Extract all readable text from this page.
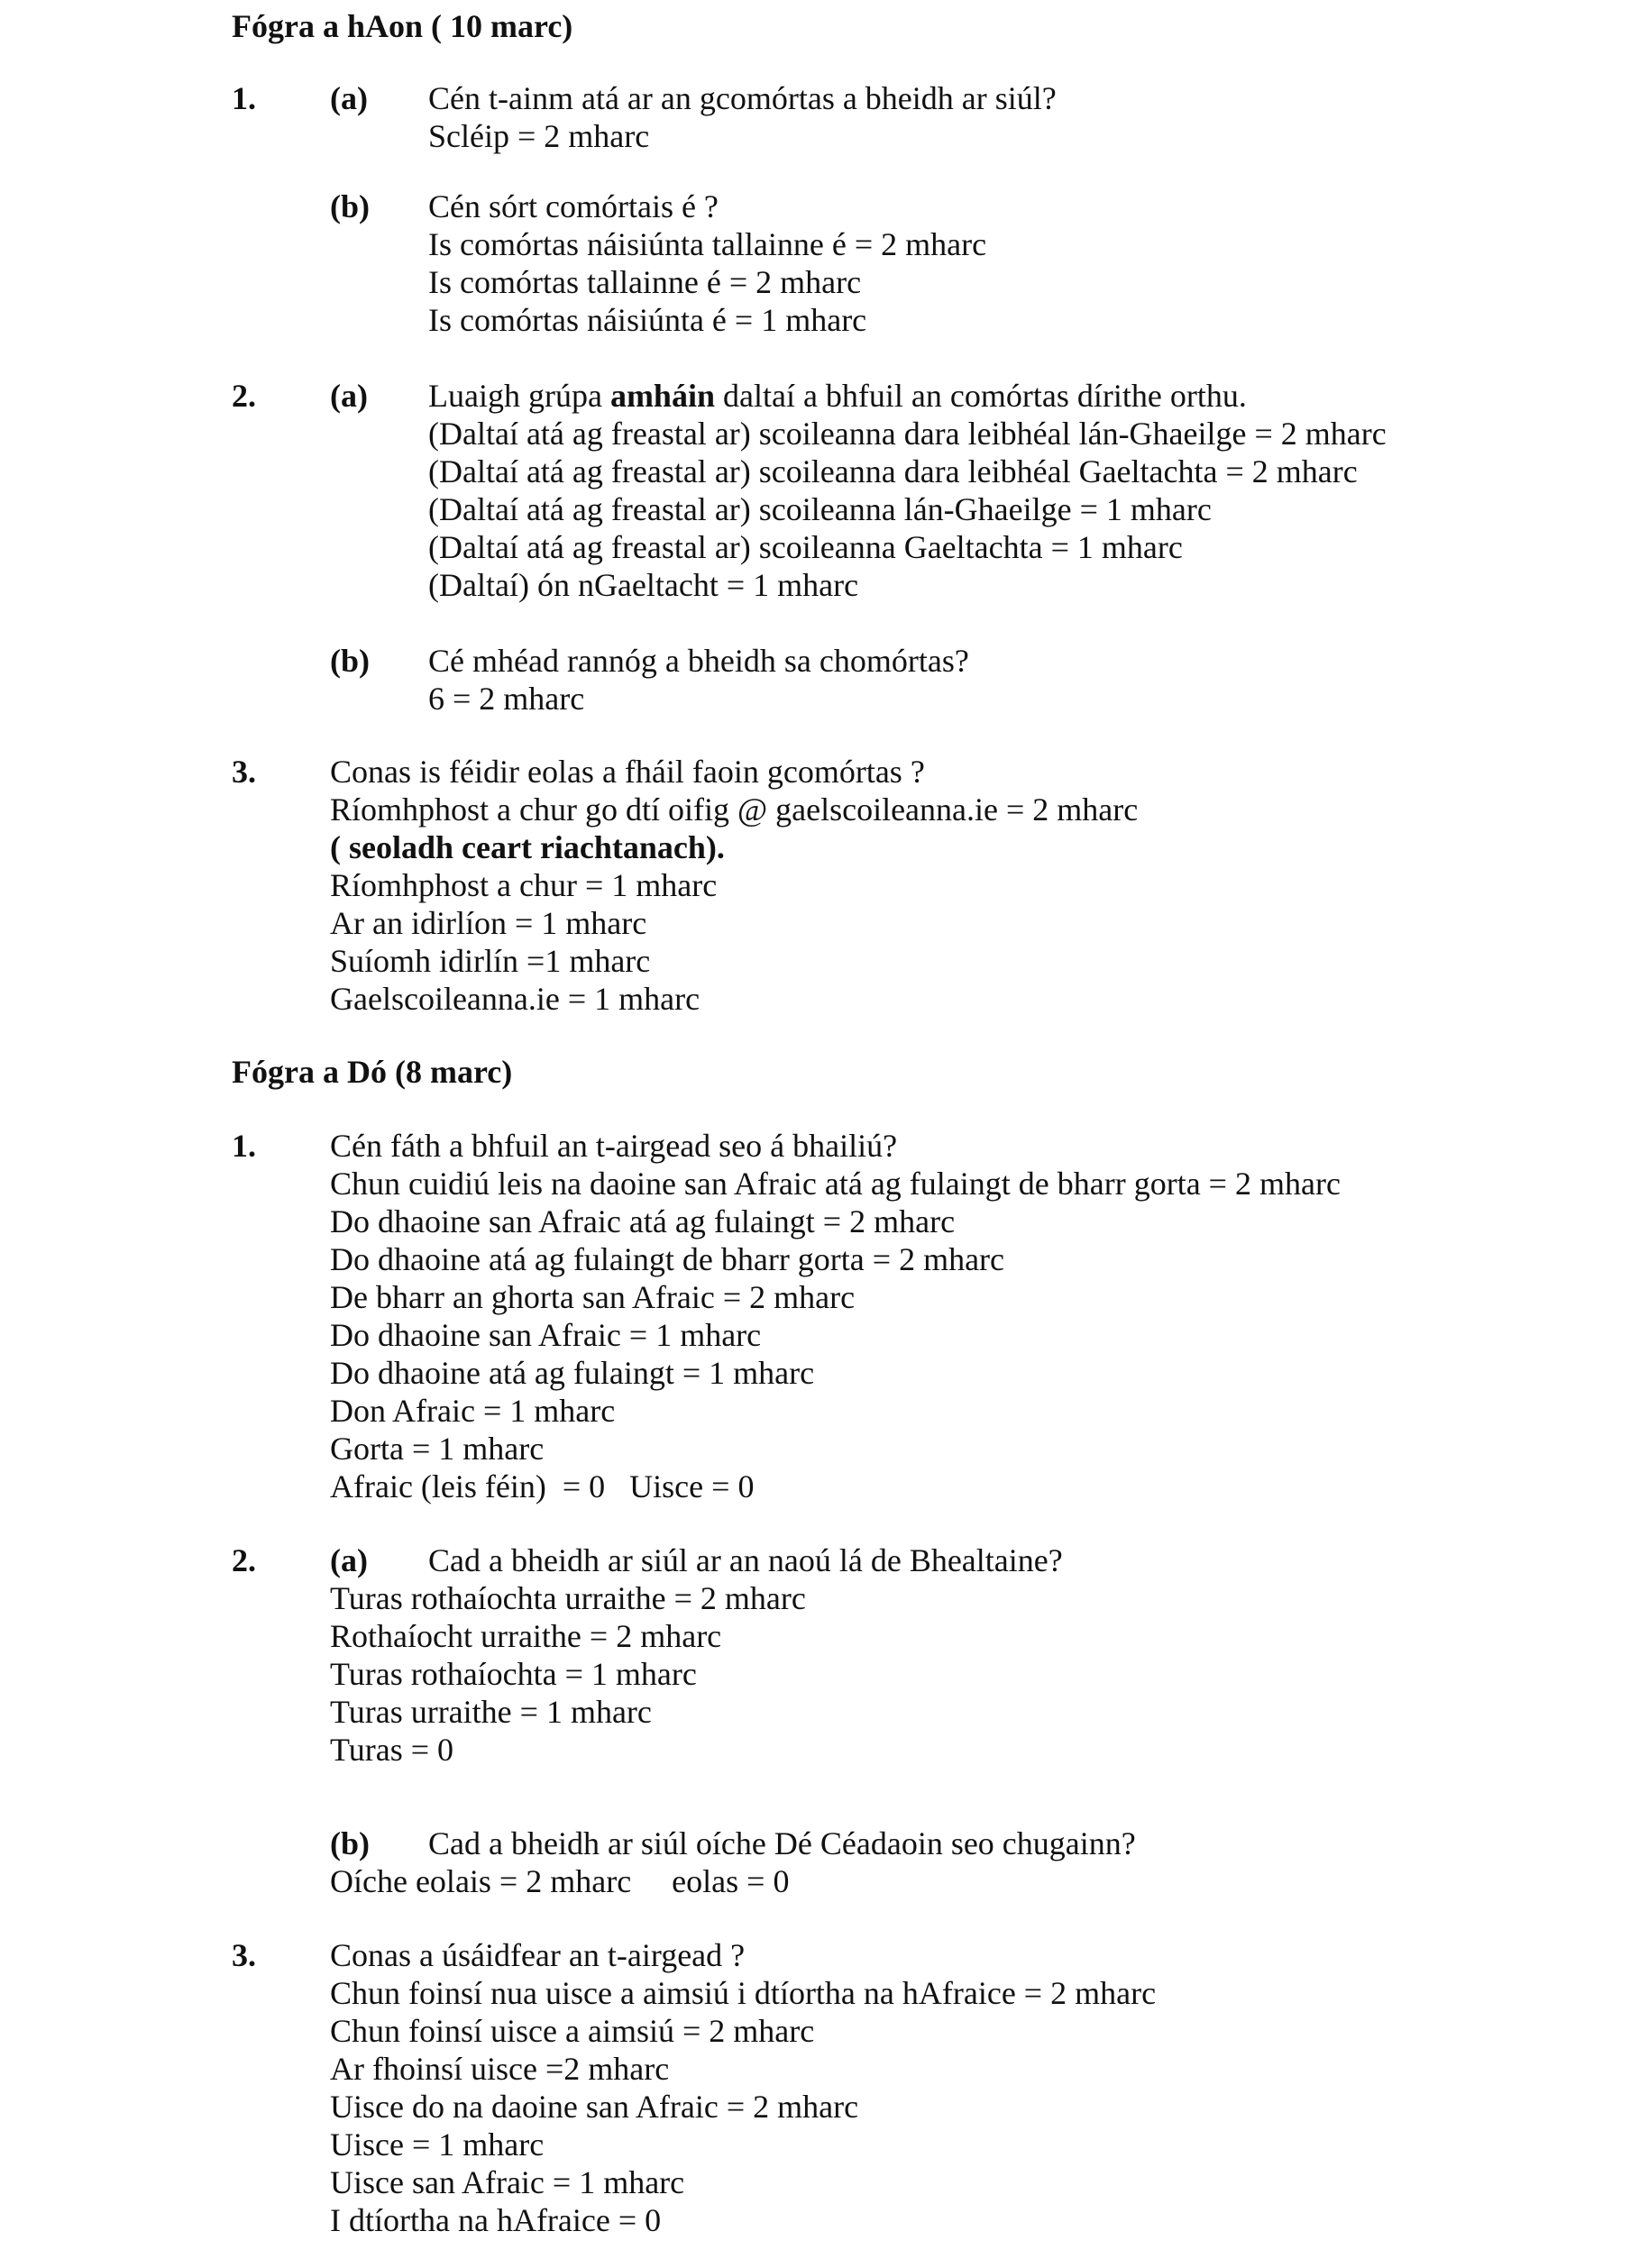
Fógra a hAon ( 10 marc)
1. (a) Cén t-ainm atá ar an gcomórtas a bheidh ar siúl?
Scléip = 2 mharc
(b) Cén sórt comórtais é ?
Is comórtas náisiúnta tallainne é = 2 mharc
Is comórtas tallainne é = 2 mharc
Is comórtas náisiúnta é = 1 mharc
2. (a) Luaigh grúpa amháin daltaí a bhfuil an comórtas dírithe orthu.
(Daltaí atá ag freastal ar) scoileanna dara leibhéal lán-Ghaeilge = 2 mharc
(Daltaí atá ag freastal ar) scoileanna dara leibhéal Gaeltachta = 2 mharc
(Daltaí atá ag freastal ar) scoileanna lán-Ghaeilge = 1 mharc
(Daltaí atá ag freastal ar) scoileanna Gaeltachta = 1 mharc
(Daltaí) ón nGaeltacht = 1 mharc
(b) Cé mhéad rannóg a bheidh sa chomórtas?
6 = 2 mharc
3. Conas is féidir eolas a fháil faoin gcomórtas ?
Ríomhphost a chur go dtí oifig @ gaelscoileanna.ie = 2 mharc
( seoladh ceart riachtanach).
Ríomhphost a chur = 1 mharc
Ar an idirlíon = 1 mharc
Suíomh idirlín =1 mharc
Gaelscoileanna.ie = 1 mharc
Fógra a Dó (8 marc)
1. Cén fáth a bhfuil an t-airgead seo á bhailiú?
Chun cuidiú leis na daoine san Afraic atá ag fulaingt de bharr gorta = 2 mharc
Do dhaoine san Afraic atá ag fulaingt = 2 mharc
Do dhaoine atá ag fulaingt de bharr gorta = 2 mharc
De bharr an ghorta san Afraic = 2 mharc
Do dhaoine san Afraic = 1 mharc
Do dhaoine atá ag fulaingt = 1 mharc
Don Afraic = 1 mharc
Gorta = 1 mharc
Afraic (leis féin)  = 0   Uisce = 0
2. (a) Cad a bheidh ar siúl ar an naoú lá de Bhealtaine?
Turas rothaíochta urraithe = 2 mharc
Rothaíocht urraithe = 2 mharc
Turas rothaíochta = 1 mharc
Turas urraithe = 1 mharc
Turas = 0
(b) Cad a bheidh ar siúl oíche Dé Céadaoin seo chugainn?
Oíche eolais = 2 mharc     eolas = 0
3. Conas a úsáidfear an t-airgead ?
Chun foinsí nua uisce a aimsiú i dtíortha na hAfraice = 2 mharc
Chun foinsí uisce a aimsiú = 2 mharc
Ar fhoinsí uisce =2 mharc
Uisce do na daoine san Afraic = 2 mharc
Uisce = 1 mharc
Uisce san Afraic = 1 mharc
I dtíortha na hAfraice = 0
